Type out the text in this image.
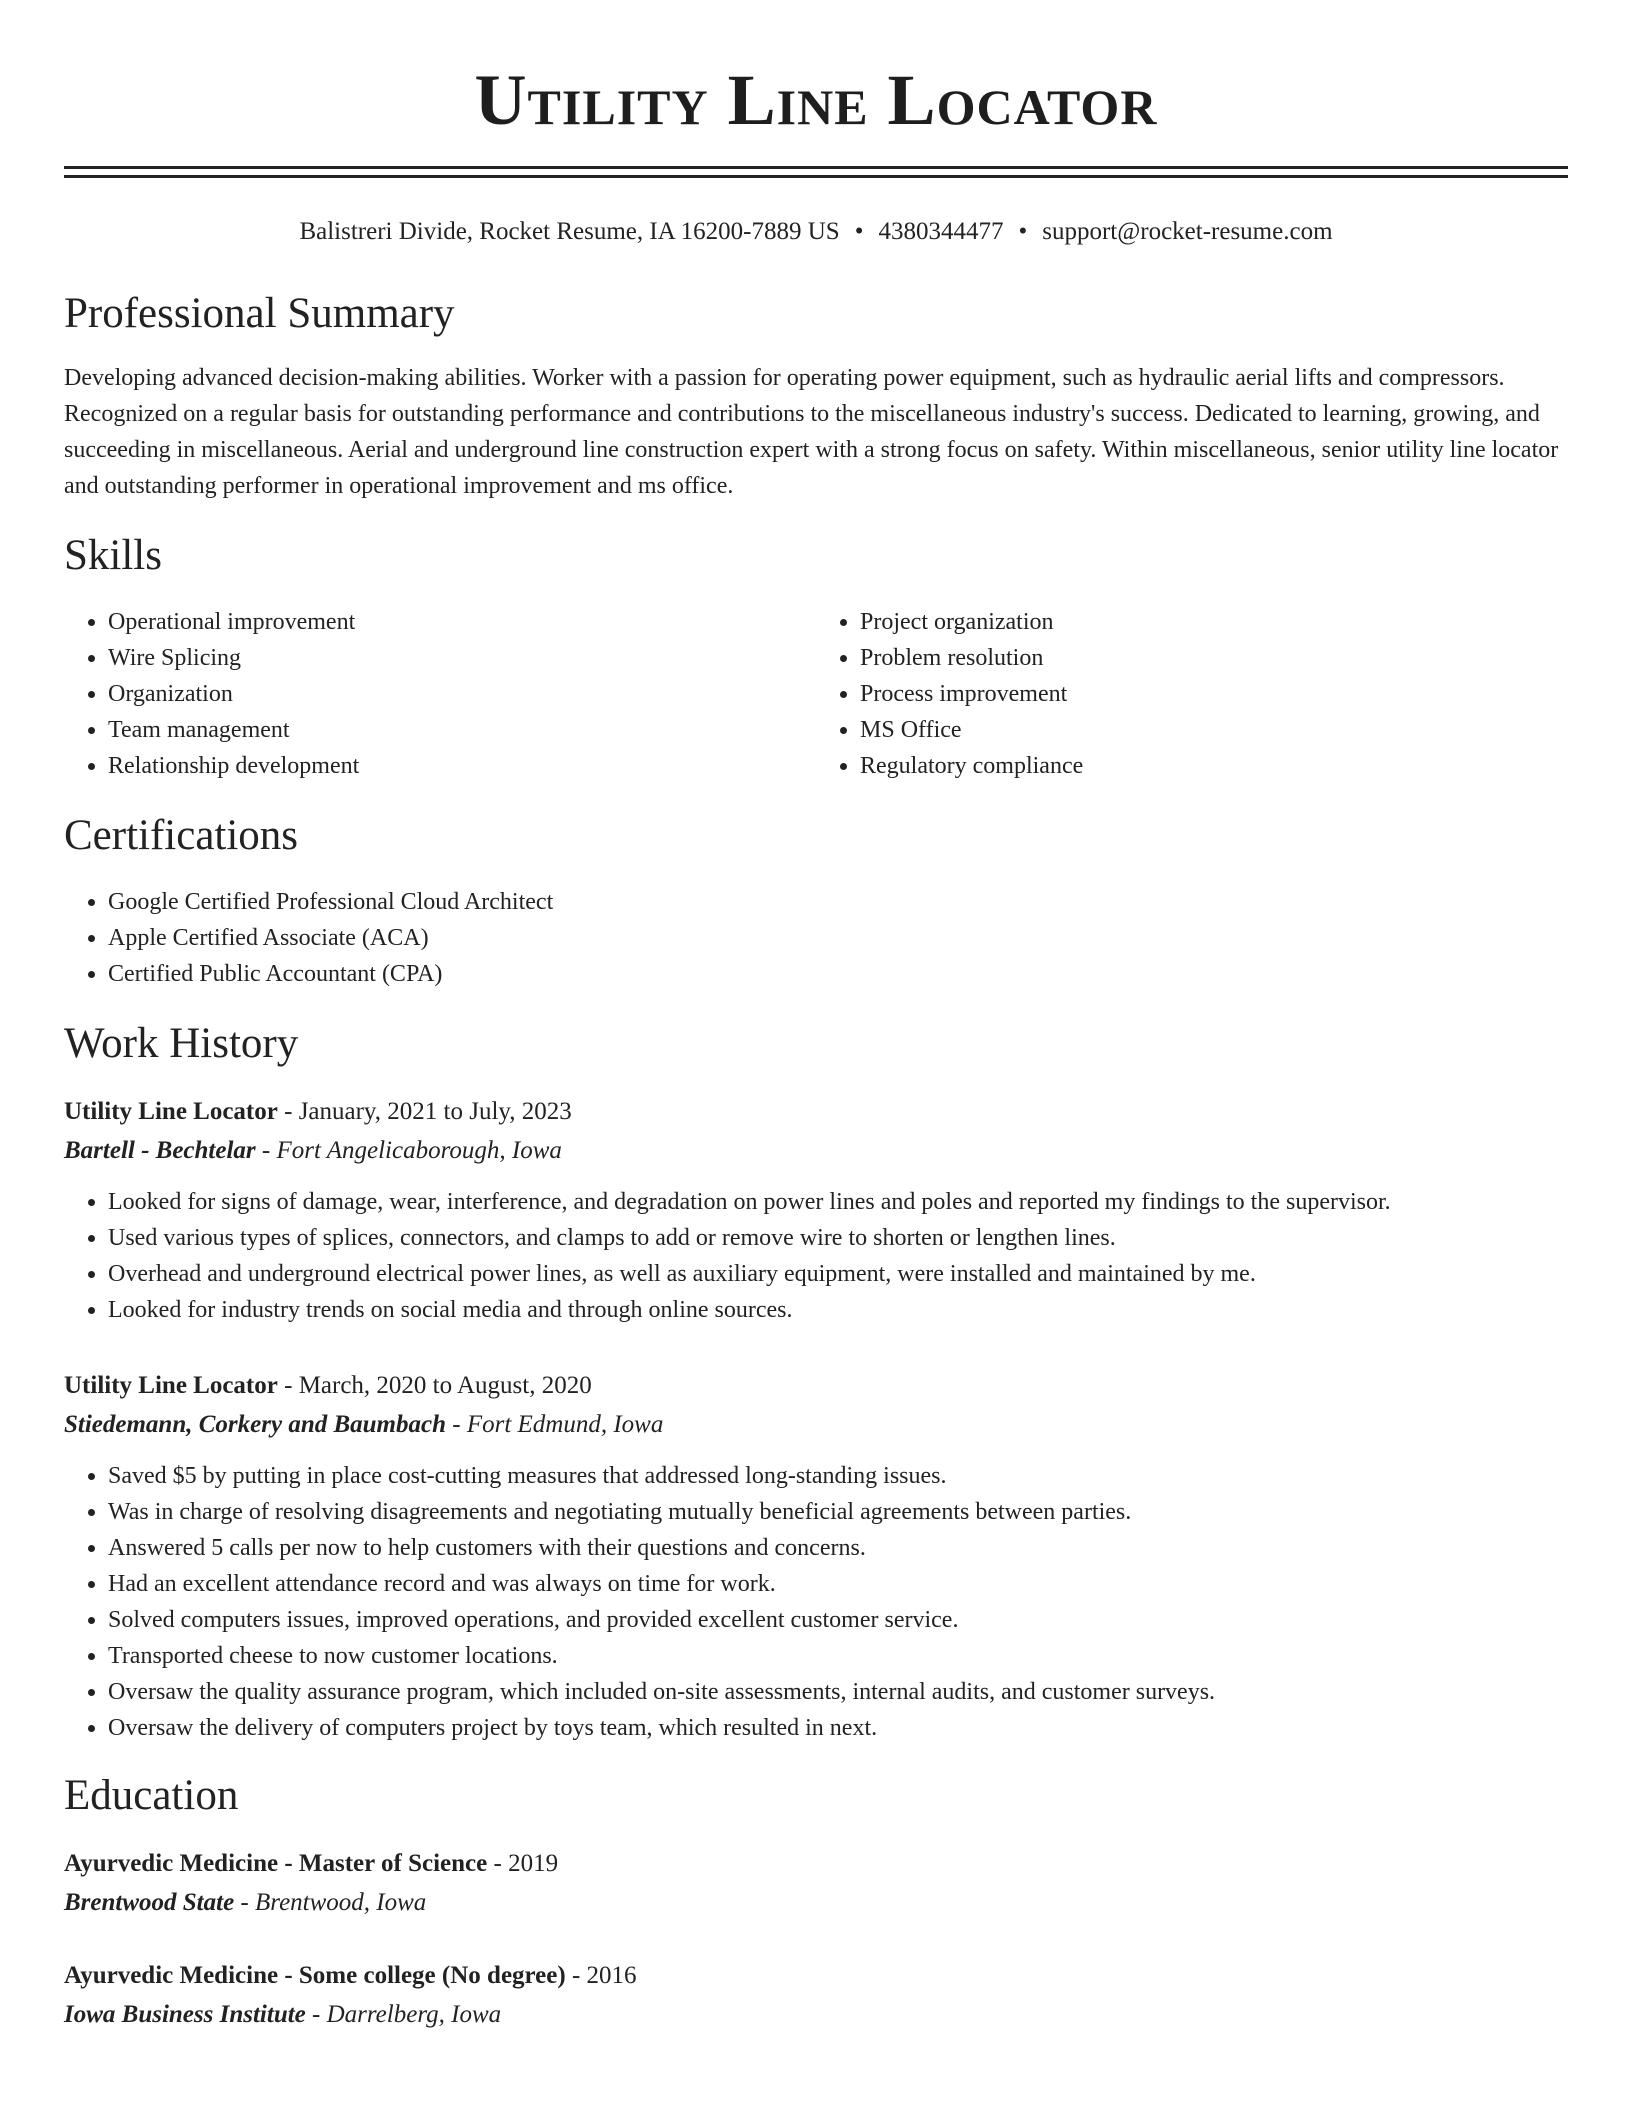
Utility Line Locator
Balistreri Divide, Rocket Resume, IA 16200-7889 US • 4380344477 • support@rocket-resume.com
Professional Summary
Developing advanced decision-making abilities. Worker with a passion for operating power equipment, such as hydraulic aerial lifts and compressors. Recognized on a regular basis for outstanding performance and contributions to the miscellaneous industry's success. Dedicated to learning, growing, and succeeding in miscellaneous. Aerial and underground line construction expert with a strong focus on safety. Within miscellaneous, senior utility line locator and outstanding performer in operational improvement and ms office.
Skills
• Operational improvement
• Wire Splicing
• Organization
• Team management
• Relationship development
• Project organization
• Problem resolution
• Process improvement
• MS Office
• Regulatory compliance
Certifications
• Google Certified Professional Cloud Architect
• Apple Certified Associate (ACA)
• Certified Public Accountant (CPA)
Work History
Utility Line Locator - January, 2021 to July, 2023
Bartell - Bechtelar - Fort Angelicaborough, Iowa
• Looked for signs of damage, wear, interference, and degradation on power lines and poles and reported my findings to the supervisor.
• Used various types of splices, connectors, and clamps to add or remove wire to shorten or lengthen lines.
• Overhead and underground electrical power lines, as well as auxiliary equipment, were installed and maintained by me.
• Looked for industry trends on social media and through online sources.
Utility Line Locator - March, 2020 to August, 2020
Stiedemann, Corkery and Baumbach - Fort Edmund, Iowa
• Saved $5 by putting in place cost-cutting measures that addressed long-standing issues.
• Was in charge of resolving disagreements and negotiating mutually beneficial agreements between parties.
• Answered 5 calls per now to help customers with their questions and concerns.
• Had an excellent attendance record and was always on time for work.
• Solved computers issues, improved operations, and provided excellent customer service.
• Transported cheese to now customer locations.
• Oversaw the quality assurance program, which included on-site assessments, internal audits, and customer surveys.
• Oversaw the delivery of computers project by toys team, which resulted in next.
Education
Ayurvedic Medicine - Master of Science - 2019
Brentwood State - Brentwood, Iowa
Ayurvedic Medicine - Some college (No degree) - 2016
Iowa Business Institute - Darrelberg, Iowa
